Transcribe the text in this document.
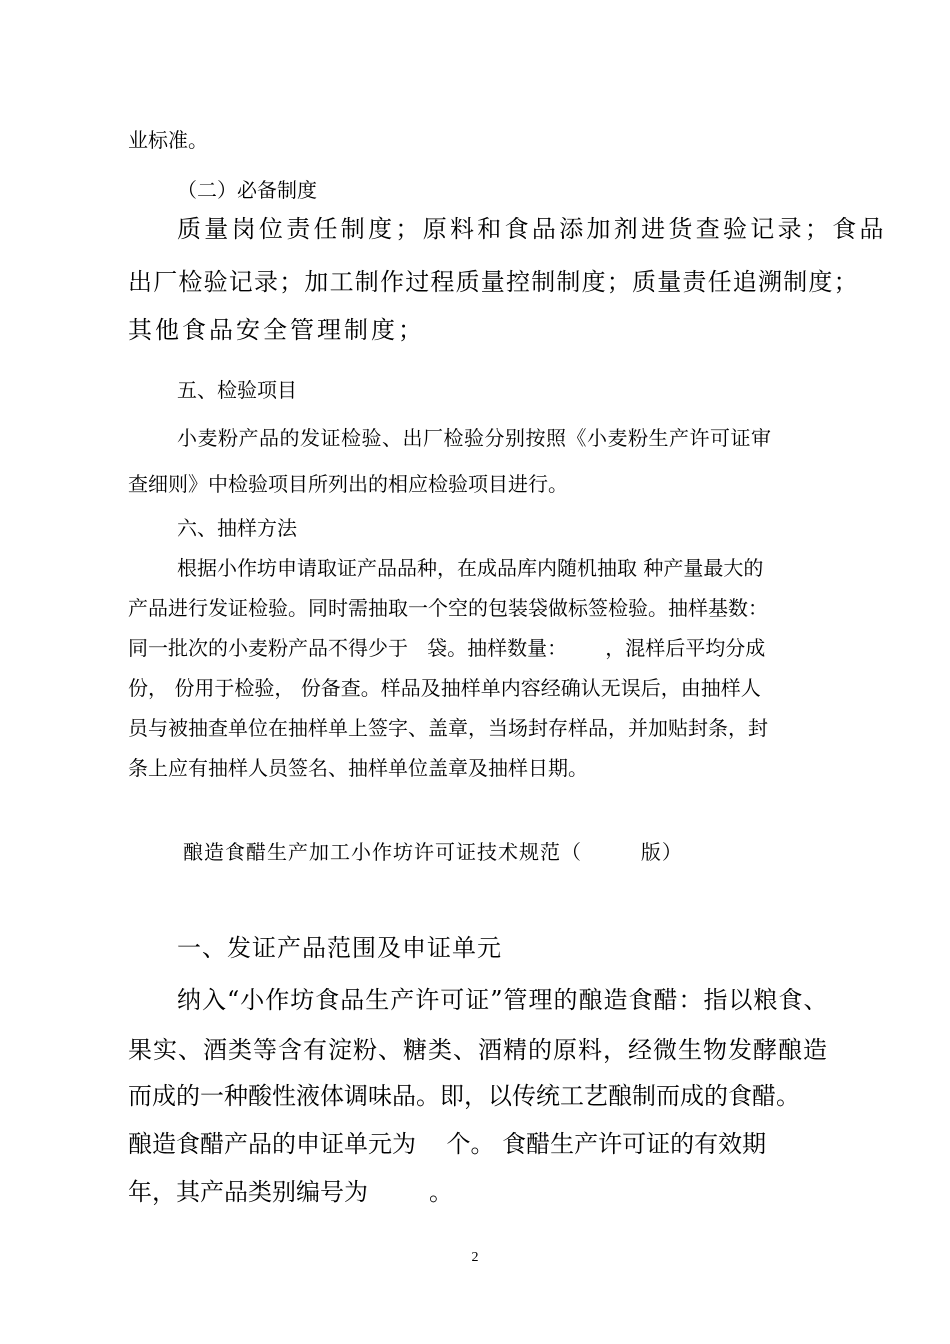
业标准。
（二）必备制度
质量岗位责任制度；原料和食品添加剂进货查验记录；食品
出厂检验记录；加工制作过程质量控制制度；质量责任追溯制度；
其他食品安全管理制度；
五、检验项目
小麦粉产品的发证检验、出厂检验分别按照《小麦粉生产许可证审
查细则》中检验项目所列出的相应检验项目进行。
六、抽样方法
根据小作坊申请取证产品品种，在成品库内随机抽取 种产量最大的
产品进行发证检验。同时需抽取一个空的包装袋做标签检验。抽样基数：
同一批次的小麦粉产品不得少于   袋。抽样数量：      ，混样后平均分成
份， 份用于检验， 份备查。样品及抽样单内容经确认无误后，由抽样人
员与被抽查单位在抽样单上签字、盖章，当场封存样品，并加贴封条，封
条上应有抽样人员签名、抽样单位盖章及抽样日期。
酿造食醋生产加工小作坊许可证技术规范（        版）
一、发证产品范围及申证单元
纳入“小作坊食品生产许可证”管理的酿造食醋：指以粮食、
果实、酒类等含有淀粉、糖类、酒精的原料，经微生物发酵酿造
而成的一种酸性液体调味品。即，以传统工艺酿制而成的食醋。
酿造食醋产品的申证单元为    个。 食醋生产许可证的有效期
年，其产品类别编号为        。
2
